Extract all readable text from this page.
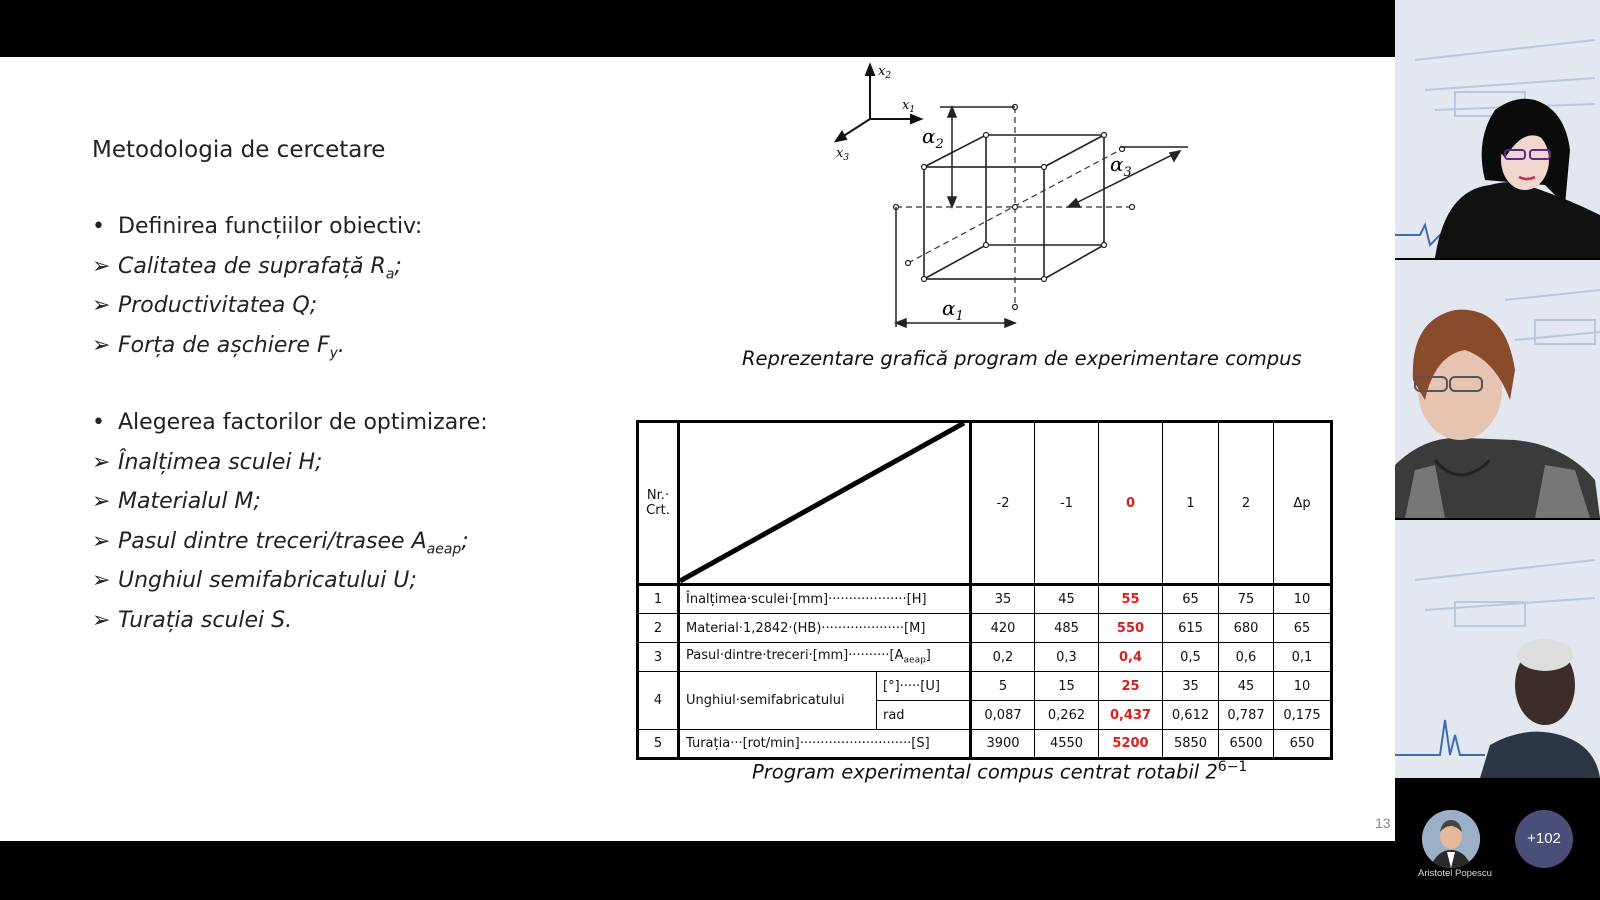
Metodologia de cercetare
• Definirea funcțiilor obiectiv:
➢ Calitatea de suprafață $R_a$;
➢ Productivitatea Q;
➢ Forța de așchiere $F_y$.
• Alegerea factorilor de optimizare:
➢ Înalțimea sculei H;
➢ Materialul M;
➢ Pasul dintre treceri/trasee $A_{aeap}$;
➢ Unghiul semifabricatului U;
➢ Turația sculei S.
$x_2$
$x_1$
$x_3$
$\alpha_2$
$\alpha_1$
$\alpha_3$
Reprezentare grafică program de experimentare compus
Nr.· Crt.			-2	-1	0	1	2	Δp
1	Înalțimea·sculei·[mm]···················[H]		35	45	55	65	75	10
2	Material·1,2842·(HB)····················[M]		420	485	550	615	680	65
3	$Pasul\cdot dintre\cdot treceri\cdot[mm]\cdot\cdot\cdot\cdot\cdot\cdot\cdot\cdot\cdot\cdot[A_{aeap}]$		0,2	0,3	0,4	0,5	0,6	0,1
4	Unghiul·semifabricatului	[°]·····[U]	5	15	25	35	45	10
		rad	0,087	0,262	0,437	0,612	0,787	0,175
5	Turația···[rot/min]···························[S]		3900	4550	5200	5850	6500	650
Program experimental compus centrat rotabil $2^{6-1}$
13
Aristotel Popescu
+102
